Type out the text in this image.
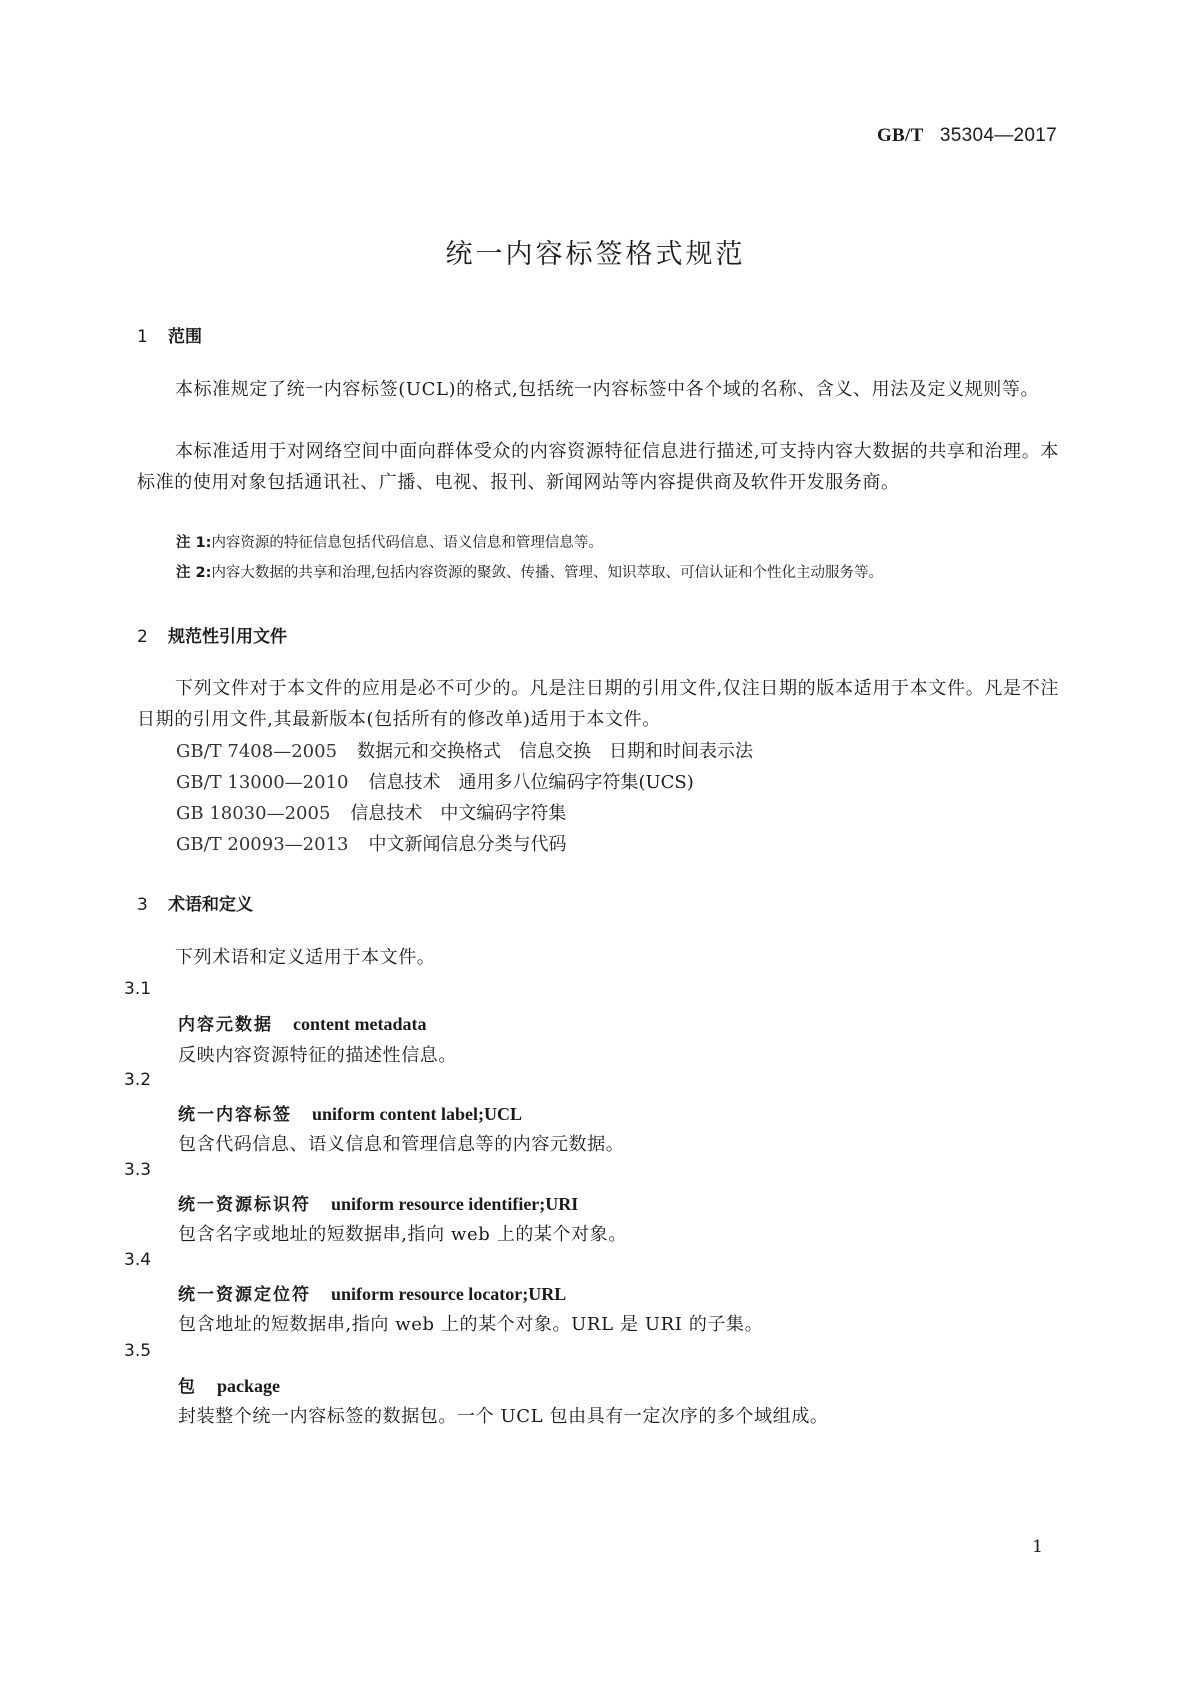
GB/T 35304—2017
统一内容标签格式规范
1 范围
本标准规定了统一内容标签(UCL)的格式,包括统一内容标签中各个域的名称、含义、用法及定义规则等。
本标准适用于对网络空间中面向群体受众的内容资源特征信息进行描述,可支持内容大数据的共享和治理。本标准的使用对象包括通讯社、广播、电视、报刊、新闻网站等内容提供商及软件开发服务商。
注 1:内容资源的特征信息包括代码信息、语义信息和管理信息等。
注 2:内容大数据的共享和治理,包括内容资源的聚敛、传播、管理、知识萃取、可信认证和个性化主动服务等。
2 规范性引用文件
下列文件对于本文件的应用是必不可少的。凡是注日期的引用文件,仅注日期的版本适用于本文件。凡是不注日期的引用文件,其最新版本(包括所有的修改单)适用于本文件。
GB/T 7408—2005 数据元和交换格式 信息交换 日期和时间表示法
GB/T 13000—2010 信息技术 通用多八位编码字符集(UCS)
GB 18030—2005 信息技术 中文编码字符集
GB/T 20093—2013 中文新闻信息分类与代码
3 术语和定义
下列术语和定义适用于本文件。
3.1
内容元数据 content metadata
反映内容资源特征的描述性信息。
3.2
统一内容标签 uniform content label;UCL
包含代码信息、语义信息和管理信息等的内容元数据。
3.3
统一资源标识符 uniform resource identifier;URI
包含名字或地址的短数据串,指向 web 上的某个对象。
3.4
统一资源定位符 uniform resource locator;URL
包含地址的短数据串,指向 web 上的某个对象。URL 是 URI 的子集。
3.5
包 package
封装整个统一内容标签的数据包。一个 UCL 包由具有一定次序的多个域组成。
1
